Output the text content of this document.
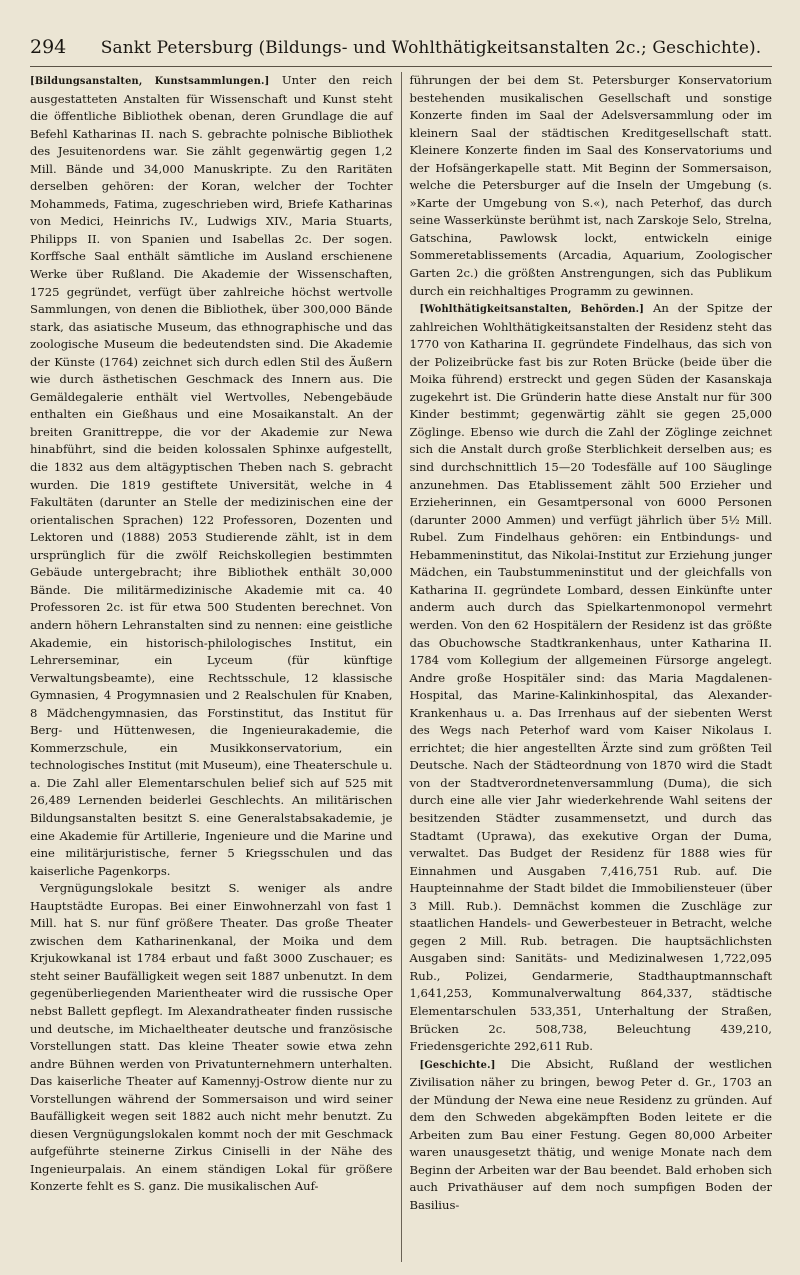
294	Sankt Petersburg (Bildungs- und Wohlthätigkeitsanstalten 2c.; Geschichte).

[Bildungsanstalten, Kunstsammlungen.] Unter den reich ausgestatteten Anstalten für Wissenschaft und Kunst steht die öffentliche Bibliothek obenan, deren Grundlage die auf Befehl Katharinas II. nach S. gebrachte polnische Bibliothek des Jesuitenordens war. Sie zählt gegenwärtig gegen 1,2 Mill. Bände und 34,000 Manuskripte. Zu den Raritäten derselben gehören: der Koran, welcher der Tochter Mohammeds, Fatima, zugeschrieben wird, Briefe Katharinas von Medici, Heinrichs IV., Ludwigs XIV., Maria Stuarts, Philipps II. von Spanien und Isabellas 2c. Der sogen. Korffsche Saal enthält sämtliche im Ausland erschienene Werke über Rußland. Die Akademie der Wissenschaften, 1725 gegründet, verfügt über zahlreiche höchst wertvolle Sammlungen, von denen die Bibliothek, über 300,000 Bände stark, das asiatische Museum, das ethnographische und das zoologische Museum die bedeutendsten sind. Die Akademie der Künste (1764) zeichnet sich durch edlen Stil des Äußern wie durch ästhetischen Geschmack des Innern aus. Die Gemäldegalerie enthält viel Wertvolles, Nebengebäude enthalten ein Gießhaus und eine Mosaikanstalt. An der breiten Granittreppe, die vor der Akademie zur Newa hinabführt, sind die beiden kolossalen Sphinxe aufgestellt, die 1832 aus dem altägyptischen Theben nach S. gebracht wurden. Die 1819 gestiftete Universität, welche in 4 Fakultäten (darunter an Stelle der medizinischen eine der orientalischen Sprachen) 122 Professoren, Dozenten und Lektoren und (1888) 2053 Studierende zählt, ist in dem ursprünglich für die zwölf Reichskollegien bestimmten Gebäude untergebracht; ihre Bibliothek enthält 30,000 Bände. Die militärmedizinische Akademie mit ca. 40 Professoren 2c. ist für etwa 500 Studenten berechnet. Von andern höhern Lehranstalten sind zu nennen: eine geistliche Akademie, ein historisch-philologisches Institut, ein Lehrerseminar, ein Lyceum (für künftige Verwaltungsbeamte), eine Rechtsschule, 12 klassische Gymnasien, 4 Progymnasien und 2 Realschulen für Knaben, 8 Mädchengymnasien, das Forstinstitut, das Institut für Berg- und Hüttenwesen, die Ingenieurakademie, die Kommerzschule, ein Musikkonservatorium, ein technologisches Institut (mit Museum), eine Theaterschule u. a. Die Zahl aller Elementarschulen belief sich auf 525 mit 26,489 Lernenden beiderlei Geschlechts. An militärischen Bildungsanstalten besitzt S. eine Generalstabsakademie, je eine Akademie für Artillerie, Ingenieure und die Marine und eine militärjuristische, ferner 5 Kriegsschulen und das kaiserliche Pagenkorps.

Vergnügungslokale besitzt S. weniger als andre Hauptstädte Europas. Bei einer Einwohnerzahl von fast 1 Mill. hat S. nur fünf größere Theater. Das große Theater zwischen dem Katharinenkanal, der Moika und dem Krjukowkanal ist 1784 erbaut und faßt 3000 Zuschauer; es steht seiner Baufälligkeit wegen seit 1887 unbenutzt. In dem gegenüberliegenden Marientheater wird die russische Oper nebst Ballett gepflegt. Im Alexandratheater finden russische und deutsche, im Michaeltheater deutsche und französische Vorstellungen statt. Das kleine Theater sowie etwa zehn andre Bühnen werden von Privatunternehmern unterhalten. Das kaiserliche Theater auf Kamennyj-Ostrow diente nur zu Vorstellungen während der Sommersaison und wird seiner Baufälligkeit wegen seit 1882 auch nicht mehr benutzt. Zu diesen Vergnügungslokalen kommt noch der mit Geschmack aufgeführte steinerne Zirkus Ciniselli in der Nähe des Ingenieurpalais. An einem ständigen Lokal für größere Konzerte fehlt es S. ganz. Die musikalischen Auf-

führungen der bei dem St. Petersburger Konservatorium bestehenden musikalischen Gesellschaft und sonstige Konzerte finden im Saal der Adelsversammlung oder im kleinern Saal der städtischen Kreditgesellschaft statt. Kleinere Konzerte finden im Saal des Konservatoriums und der Hofsängerkapelle statt. Mit Beginn der Sommersaison, welche die Petersburger auf die Inseln der Umgebung (s. »Karte der Umgebung von S.«), nach Peterhof, das durch seine Wasserkünste berühmt ist, nach Zarskoje Selo, Strelna, Gatschina, Pawlowsk lockt, entwickeln einige Sommeretablissements (Arcadia, Aquarium, Zoologischer Garten 2c.) die größten Anstrengungen, sich das Publikum durch ein reichhaltiges Programm zu gewinnen.

[Wohlthätigkeitsanstalten, Behörden.] An der Spitze der zahlreichen Wohlthätigkeitsanstalten der Residenz steht das 1770 von Katharina II. gegründete Findelhaus, das sich von der Polizeibrücke fast bis zur Roten Brücke (beide über die Moika führend) erstreckt und gegen Süden der Kasanskaja zugekehrt ist. Die Gründerin hatte diese Anstalt nur für 300 Kinder bestimmt; gegenwärtig zählt sie gegen 25,000 Zöglinge. Ebenso wie durch die Zahl der Zöglinge zeichnet sich die Anstalt durch große Sterblichkeit derselben aus; es sind durchschnittlich 15—20 Todesfälle auf 100 Säuglinge anzunehmen. Das Etablissement zählt 500 Erzieher und Erzieherinnen, ein Gesamtpersonal von 6000 Personen (darunter 2000 Ammen) und verfügt jährlich über 5½ Mill. Rubel. Zum Findelhaus gehören: ein Entbindungs- und Hebammeninstitut, das Nikolai-Institut zur Erziehung junger Mädchen, ein Taubstummeninstitut und der gleichfalls von Katharina II. gegründete Lombard, dessen Einkünfte unter anderm auch durch das Spielkartenmonopol vermehrt werden. Von den 62 Hospitälern der Residenz ist das größte das Obuchowsche Stadtkrankenhaus, unter Katharina II. 1784 vom Kollegium der allgemeinen Fürsorge angelegt. Andre große Hospitäler sind: das Maria Magdalenen-Hospital, das Marine-Kalinkinhospital, das Alexander-Krankenhaus u. a. Das Irrenhaus auf der siebenten Werst des Wegs nach Peterhof ward vom Kaiser Nikolaus I. errichtet; die hier angestellten Ärzte sind zum größten Teil Deutsche. Nach der Städteordnung von 1870 wird die Stadt von der Stadtverordnetenversammlung (Duma), die sich durch eine alle vier Jahr wiederkehrende Wahl seitens der besitzenden Städter zusammensetzt, und durch das Stadtamt (Uprawa), das exekutive Organ der Duma, verwaltet. Das Budget der Residenz für 1888 wies für Einnahmen und Ausgaben 7,416,751 Rub. auf. Die Haupteinnahme der Stadt bildet die Immobiliensteuer (über 3 Mill. Rub.). Demnächst kommen die Zuschläge zur staatlichen Handels- und Gewerbesteuer in Betracht, welche gegen 2 Mill. Rub. betragen. Die hauptsächlichsten Ausgaben sind: Sanitäts- und Medizinalwesen 1,722,095 Rub., Polizei, Gendarmerie, Stadthauptmannschaft 1,641,253, Kommunalverwaltung 864,337, städtische Elementarschulen 533,351, Unterhaltung der Straßen, Brücken 2c. 508,738, Beleuchtung 439,210, Friedensgerichte 292,611 Rub.

[Geschichte.] Die Absicht, Rußland der westlichen Zivilisation näher zu bringen, bewog Peter d. Gr., 1703 an der Mündung der Newa eine neue Residenz zu gründen. Auf dem den Schweden abgekämpften Boden leitete er die Arbeiten zum Bau einer Festung. Gegen 80,000 Arbeiter waren unausgesetzt thätig, und wenige Monate nach dem Beginn der Arbeiten war der Bau beendet. Bald erhoben sich auch Privathäuser auf dem noch sumpfigen Boden der Basilius-
